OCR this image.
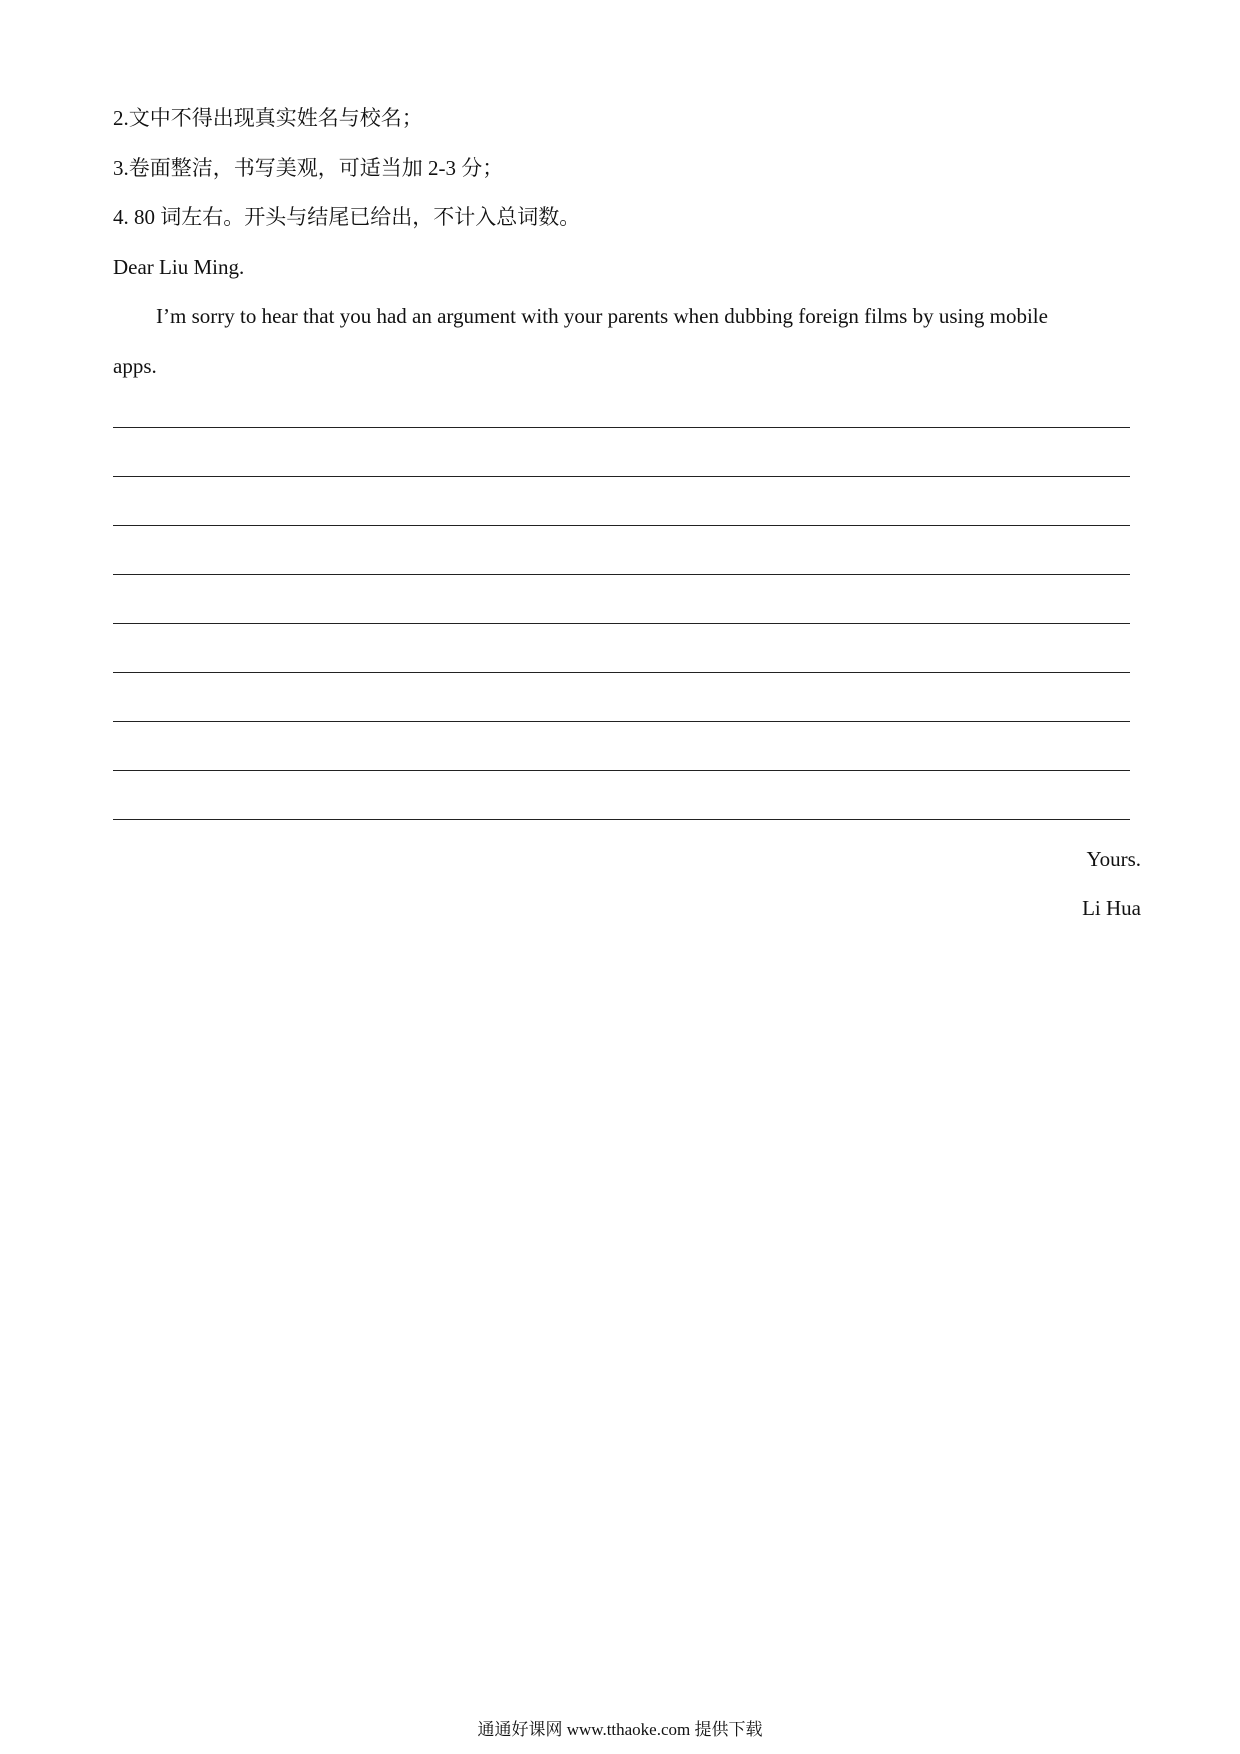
2.文中不得出现真实姓名与校名；
3.卷面整洁，书写美观，可适当加 2-3 分；
4. 80 词左右。开头与结尾已给出，不计入总词数。
Dear Liu Ming.
I’m sorry to hear that you had an argument with your parents when dubbing foreign films by using mobile
apps.
Yours.
Li Hua
通通好课网 www.tthaoke.com 提供下载
